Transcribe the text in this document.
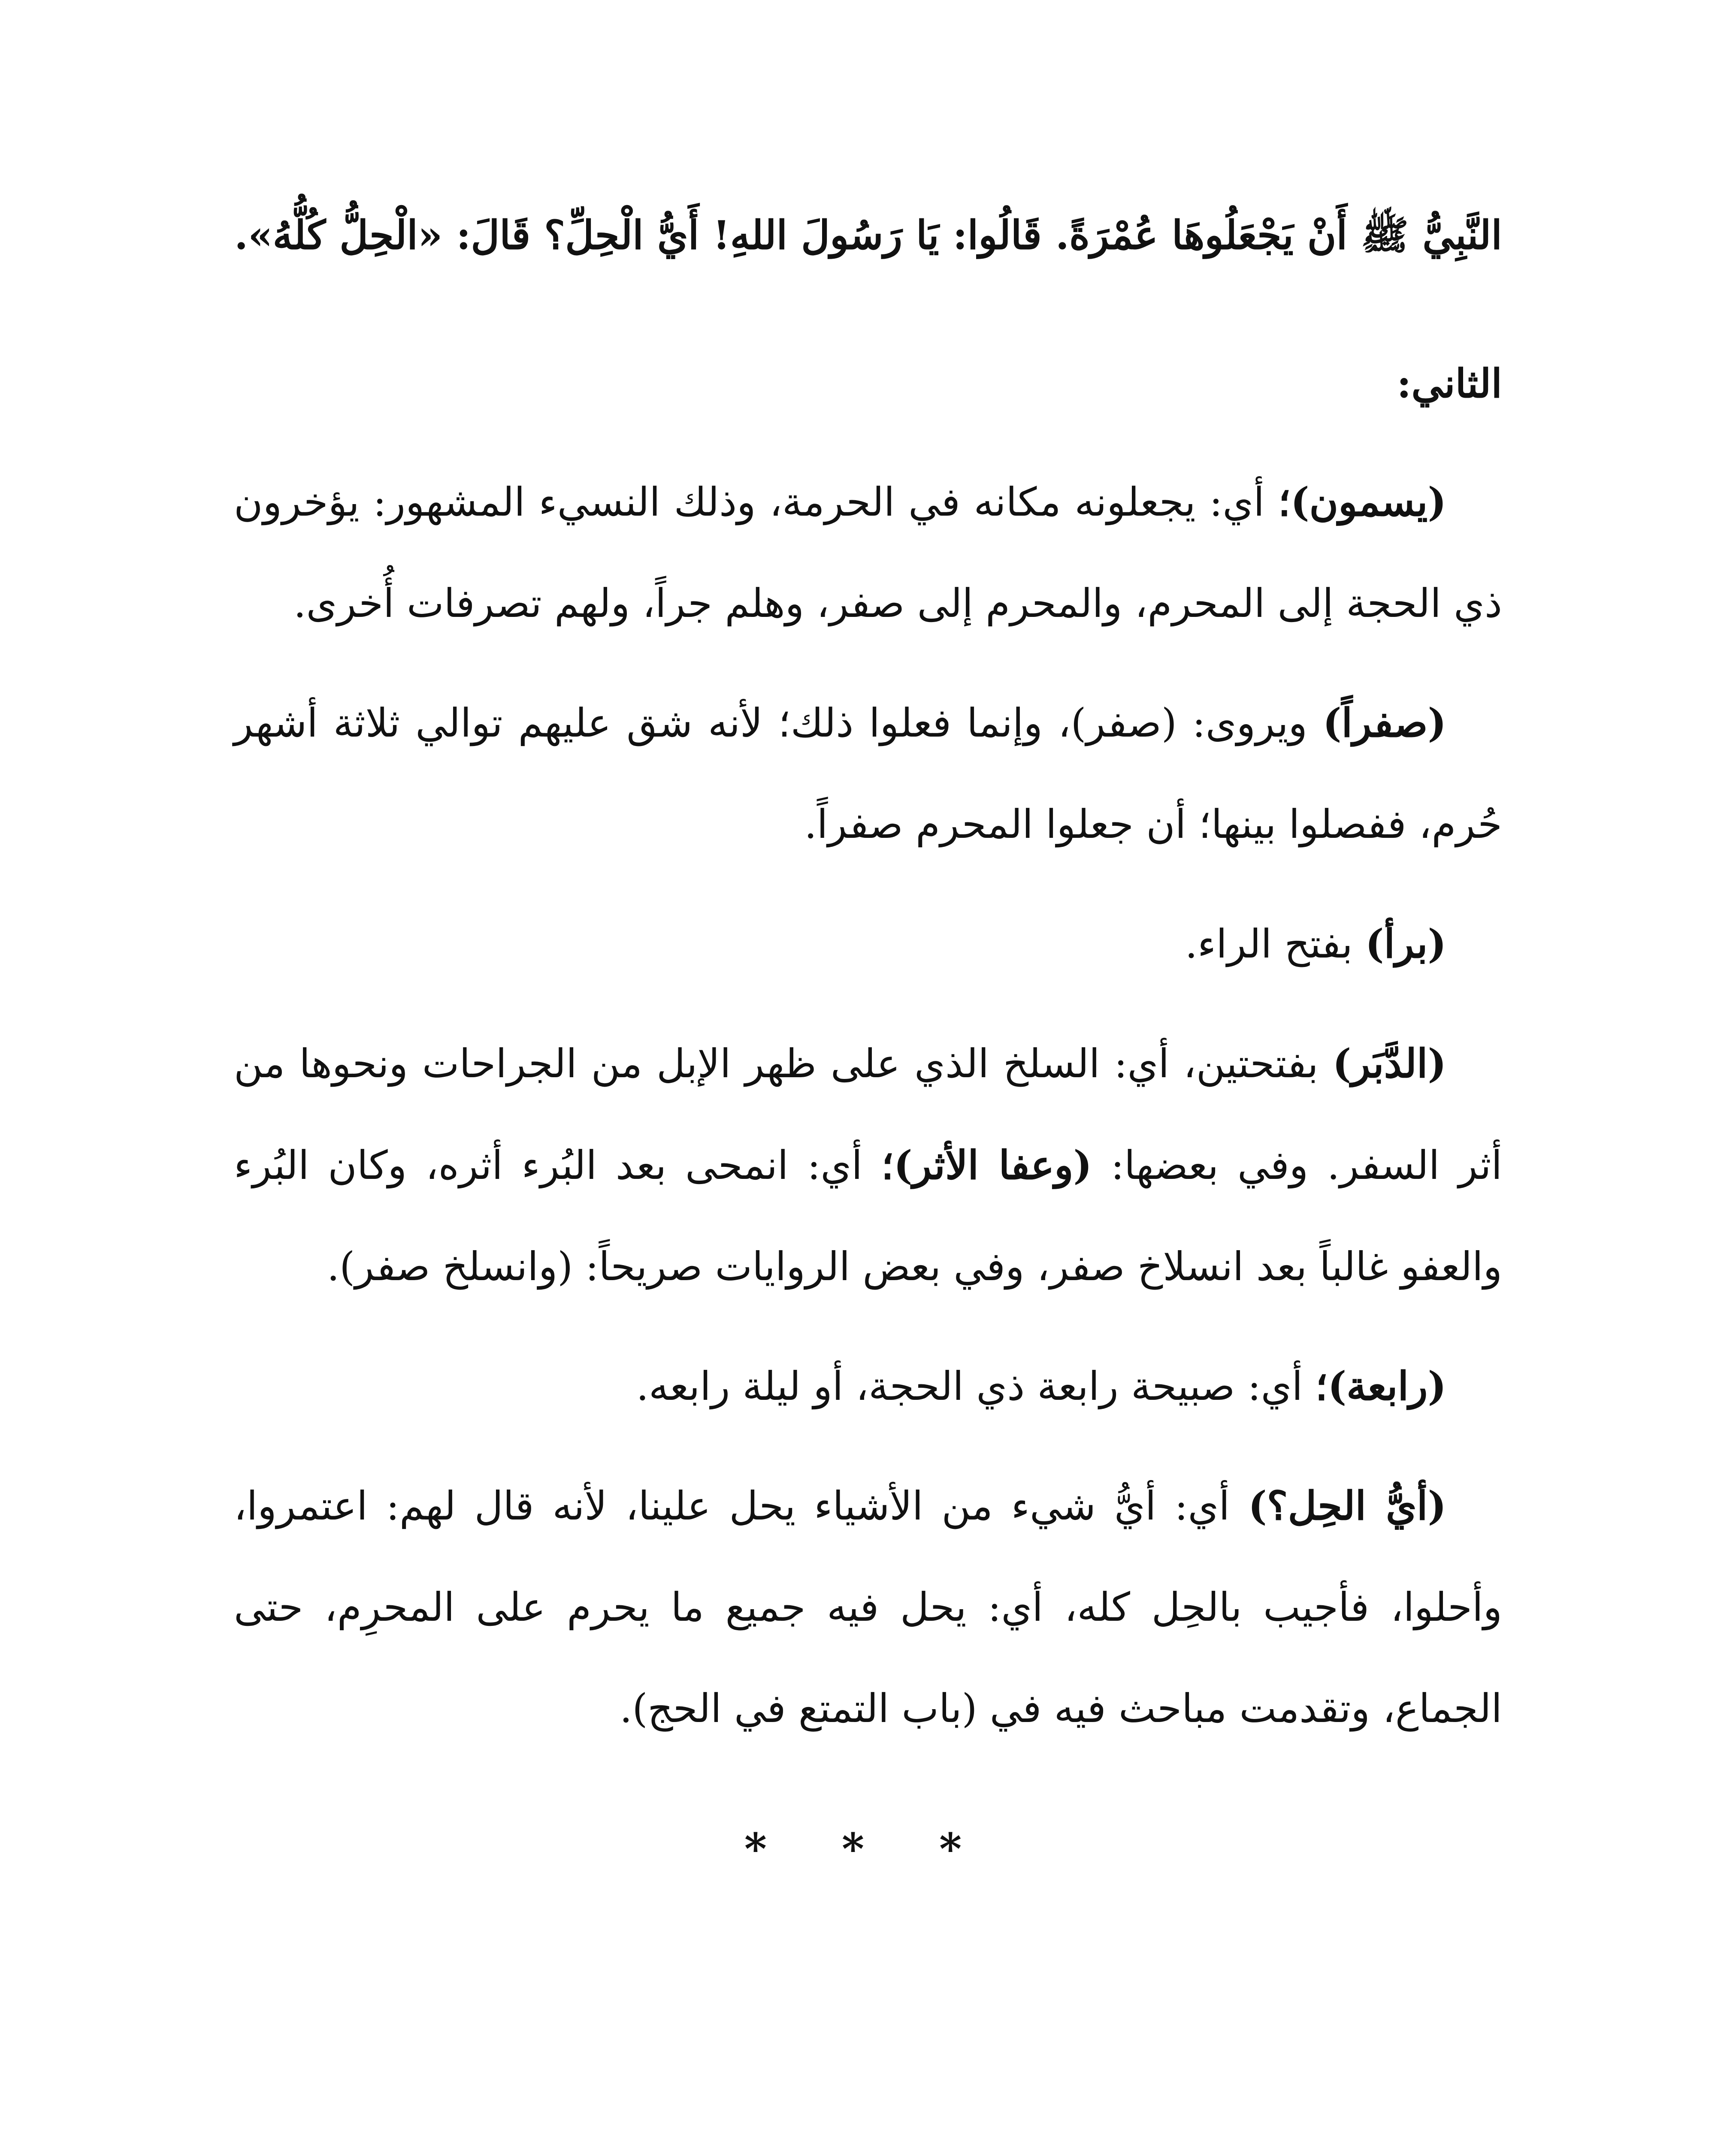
النَّبِيُّ ﷺ أَنْ يَجْعَلُوهَا عُمْرَةً. قَالُوا: يَا رَسُولَ اللهِ! أَيُّ الْحِلِّ؟ قَالَ: «الْحِلُّ كُلُّهُ».

الثاني:

(يسمون)؛ أي: يجعلونه مكانه في الحرمة، وذلك النسيء المشهور: يؤخرون ذي الحجة إلى المحرم، والمحرم إلى صفر، وهلم جراً، ولهم تصرفات أُخرى.

(صفراً) ويروى: (صفر)، وإنما فعلوا ذلك؛ لأنه شق عليهم توالي ثلاثة أشهر حُرم، ففصلوا بينها؛ أن جعلوا المحرم صفراً.

(برأ) بفتح الراء.

(الدَّبَر) بفتحتين، أي: السلخ الذي على ظهر الإبل من الجراحات ونحوها من أثر السفر. وفي بعضها: (وعفا الأثر)؛ أي: انمحى بعد البُرء أثره، وكان البُرء والعفو غالباً بعد انسلاخ صفر، وفي بعض الروايات صريحاً: (وانسلخ صفر).

(رابعة)؛ أي: صبيحة رابعة ذي الحجة، أو ليلة رابعه.

(أيُّ الحِل؟) أي: أيُّ شيء من الأشياء يحل علينا، لأنه قال لهم: اعتمروا، وأحلوا، فأجيب بالحِل كله، أي: يحل فيه جميع ما يحرم على المحرِم، حتى الجماع، وتقدمت مباحث فيه في (باب التمتع في الحج).

* * *
